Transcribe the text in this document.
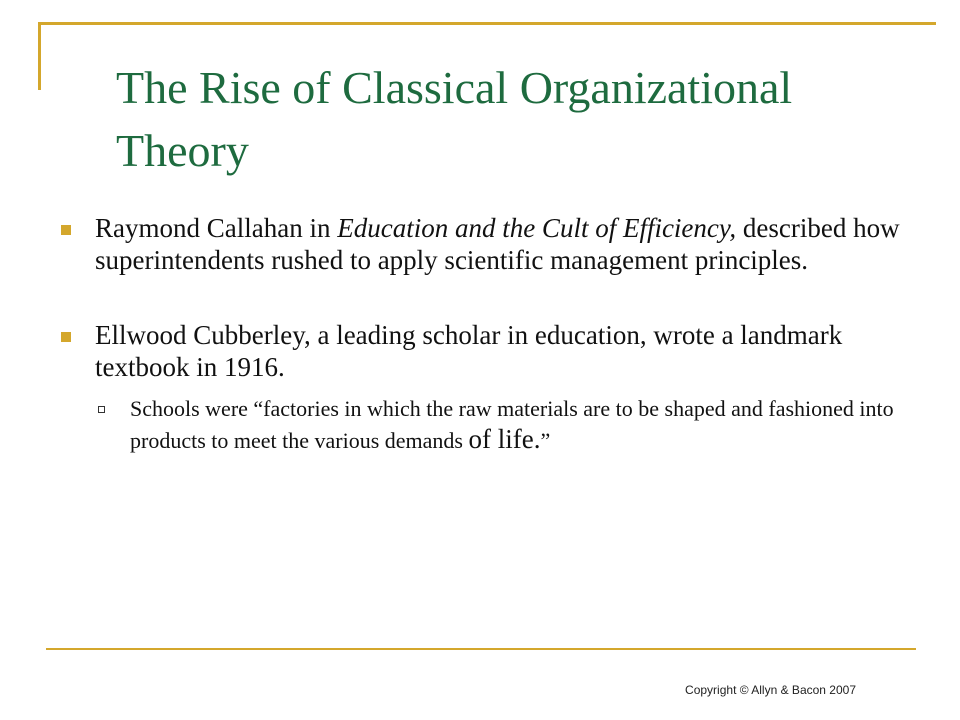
The Rise of Classical Organizational Theory
Raymond Callahan in Education and the Cult of Efficiency, described how superintendents rushed to apply scientific management principles.
Ellwood Cubberley, a leading scholar in education, wrote a landmark textbook in 1916.
Schools were “factories in which the raw materials are to be shaped and fashioned into products to meet the various demands of life.”
Copyright © Allyn & Bacon 2007
